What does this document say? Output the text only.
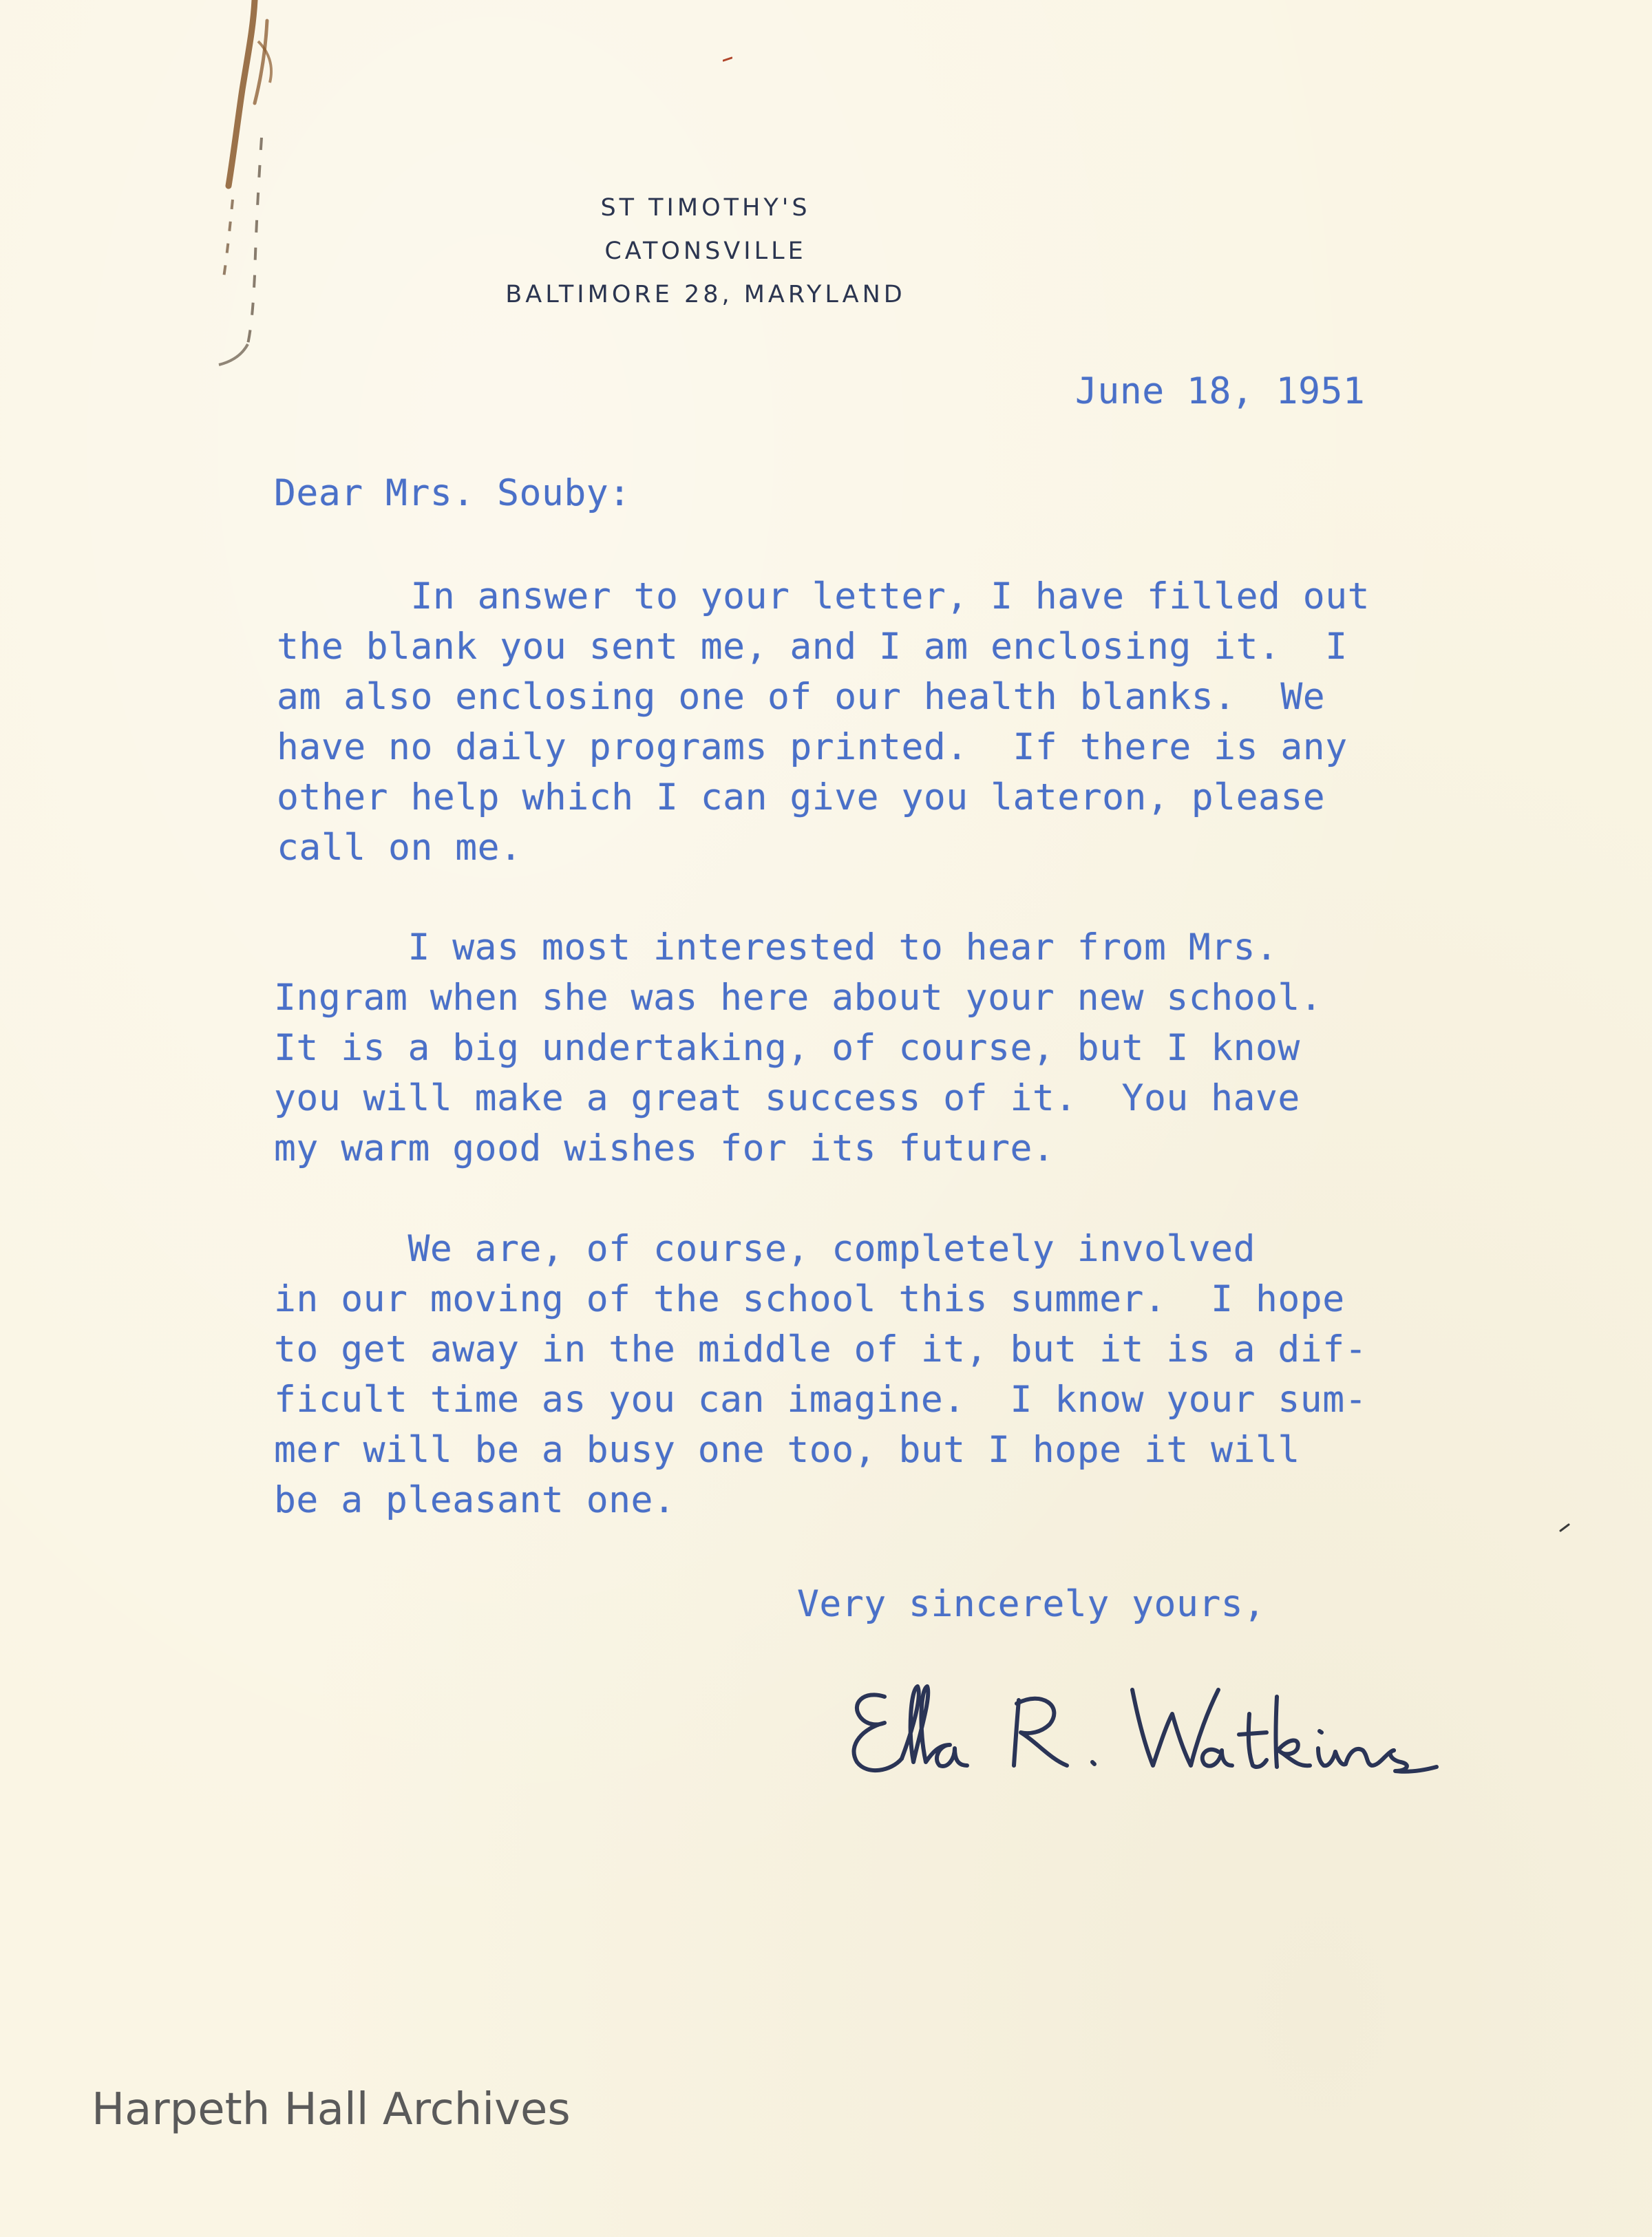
ST TIMOTHY'S

CATONSVILLE

BALTIMORE 28, MARYLAND

June 18, 1951

Dear Mrs. Souby:

In answer to your letter, I have filled out
the blank you sent me, and I am enclosing it.  I
am also enclosing one of our health blanks.  We
have no daily programs printed.  If there is any
other help which I can give you lateron, please
call on me.

I was most interested to hear from Mrs.
Ingram when she was here about your new school.
It is a big undertaking, of course, but I know
you will make a great success of it.  You have
my warm good wishes for its future.

We are, of course, completely involved
in our moving of the school this summer.  I hope
to get away in the middle of it, but it is a dif-
ficult time as you can imagine.  I know your sum-
mer will be a busy one too, but I hope it will
be a pleasant one.

Very sincerely yours,

Harpeth Hall Archives
